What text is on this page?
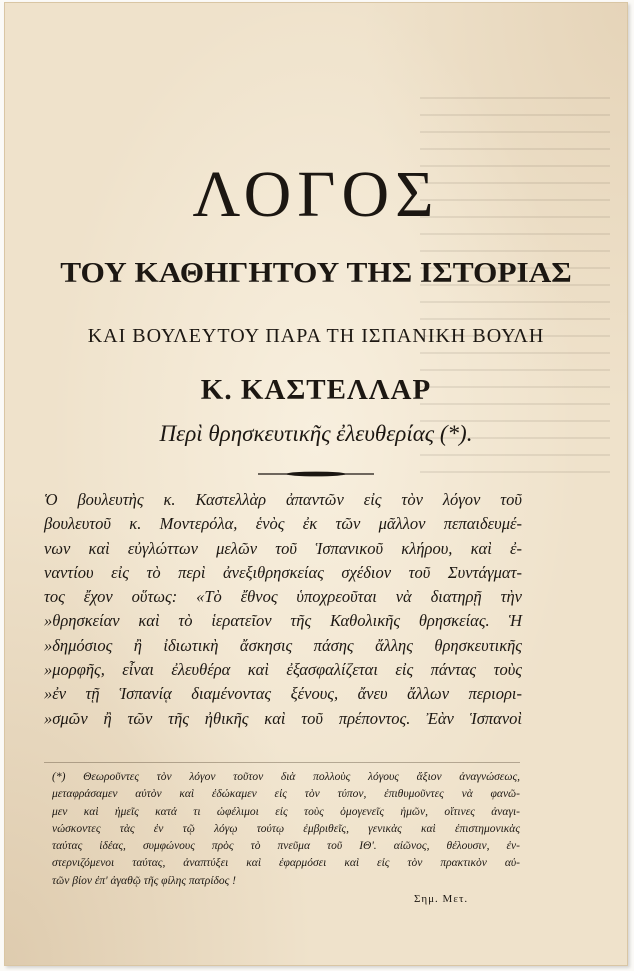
ΛΟΓΟΣ
ΤΟΥ ΚΑΘΗΓΗΤΟΥ ΤΗΣ ΙΣΤΟΡΙΑΣ
ΚΑΙ ΒΟΥΛΕΥΤΟΥ ΠΑΡΑ ΤΗ ΙΣΠΑΝΙΚΗ ΒΟΥΛΗ
Κ. ΚΑΣΤΕΛΛΑΡ
Περὶ θρησκευτικῆς ἐλευθερίας (*).
Ὁ βουλευτὴς κ. Καστελλὰρ ἀπαντῶν εἰς τὸν λόγον τοῦ
βουλευτοῦ κ. Μοντερόλα, ἑνὸς ἐκ τῶν μᾶλλον πεπαιδευμέ-
νων καὶ εὐγλώττων μελῶν τοῦ Ἱσπανικοῦ κλήρου, καὶ ἐ-
ναντίου εἰς τὸ περὶ ἀνεξιθρησκείας σχέδιον τοῦ Συντάγματ-
τος ἔχον οὕτως: «Τὸ ἔθνος ὑποχρεοῦται νὰ διατηρῇ τὴν
»θρησκείαν καὶ τὸ ἱερατεῖον τῆς Καθολικῆς θρησκείας. Ἡ
»δημόσιος ἢ ἰδιωτικὴ ἄσκησις πάσης ἄλλης θρησκευτικῆς
»μορφῆς, εἶναι ἐλευθέρα καὶ ἐξασφαλίζεται εἰς πάντας τοὺς
»ἐν τῇ Ἱσπανίᾳ διαμένοντας ξένους, ἄνευ ἄλλων περιορι-
»σμῶν ἢ τῶν τῆς ἠθικῆς καὶ τοῦ πρέποντος. Ἐὰν Ἱσπανοὶ
(*) Θεωροῦντες τὸν λόγον τοῦτον διὰ πολλοὺς λόγους ἄξιον ἀναγνώσεως,
μεταφράσαμεν αὐτὸν καὶ ἐδώκαμεν εἰς τὸν τύπον, ἐπιθυμοῦντες νὰ φανῶ-
μεν καὶ ἡμεῖς κατά τι ὠφέλιμοι εἰς τοὺς ὁμογενεῖς ἡμῶν, οἵτινες ἀναγι-
νώσκοντες τὰς ἐν τῷ λόγῳ τούτῳ ἐμβριθεῖς, γενικὰς καὶ ἐπιστημονικὰς
ταύτας ἰδέας, συμφώνους πρὸς τὸ πνεῦμα τοῦ ΙΘ'. αἰῶνος, θέλουσιν, ἐν-
στερνιζόμενοι ταύτας, ἀναπτύξει καὶ ἐφαρμόσει καὶ εἰς τὸν πρακτικὸν αὐ-
τῶν βίον ἐπ' ἀγαθῷ τῆς φίλης πατρίδος !
Σημ. Μετ.
